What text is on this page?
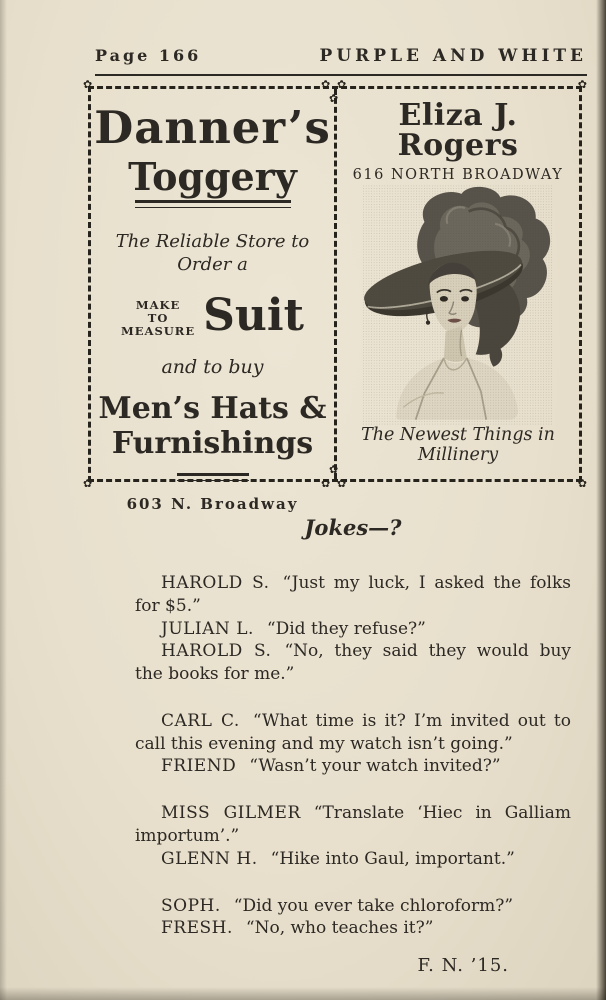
Page 166	PURPLE AND WHITE
✿	✿
✿	✿
✿ ✿
✿
✿ ✿
✿
Danner’s
Toggery
The Reliable Store to
Order a
MAKE
TO
MEASURE Suit
and to buy
Men’s Hats &
Furnishings
603 N. Broadway
Eliza J. Rogers
616 NORTH BROADWAY
The Newest Things in Millinery
Jokes—?

HAROLD S. “Just my luck, I asked the folks for $5.”

JULIAN L. “Did they refuse?”

HAROLD S. “No, they said they would buy the books for me.”

CARL C. “What time is it? I’m invited out to call this evening and my watch isn’t going.”

FRIEND “Wasn’t your watch invited?”

MISS GILMER “Translate ‘Hiec in Galliam importum’.”

GLENN H. “Hike into Gaul, important.”

SOPH. “Did you ever take chloroform?”

FRESH. “No, who teaches it?”

F. N. ’15.
